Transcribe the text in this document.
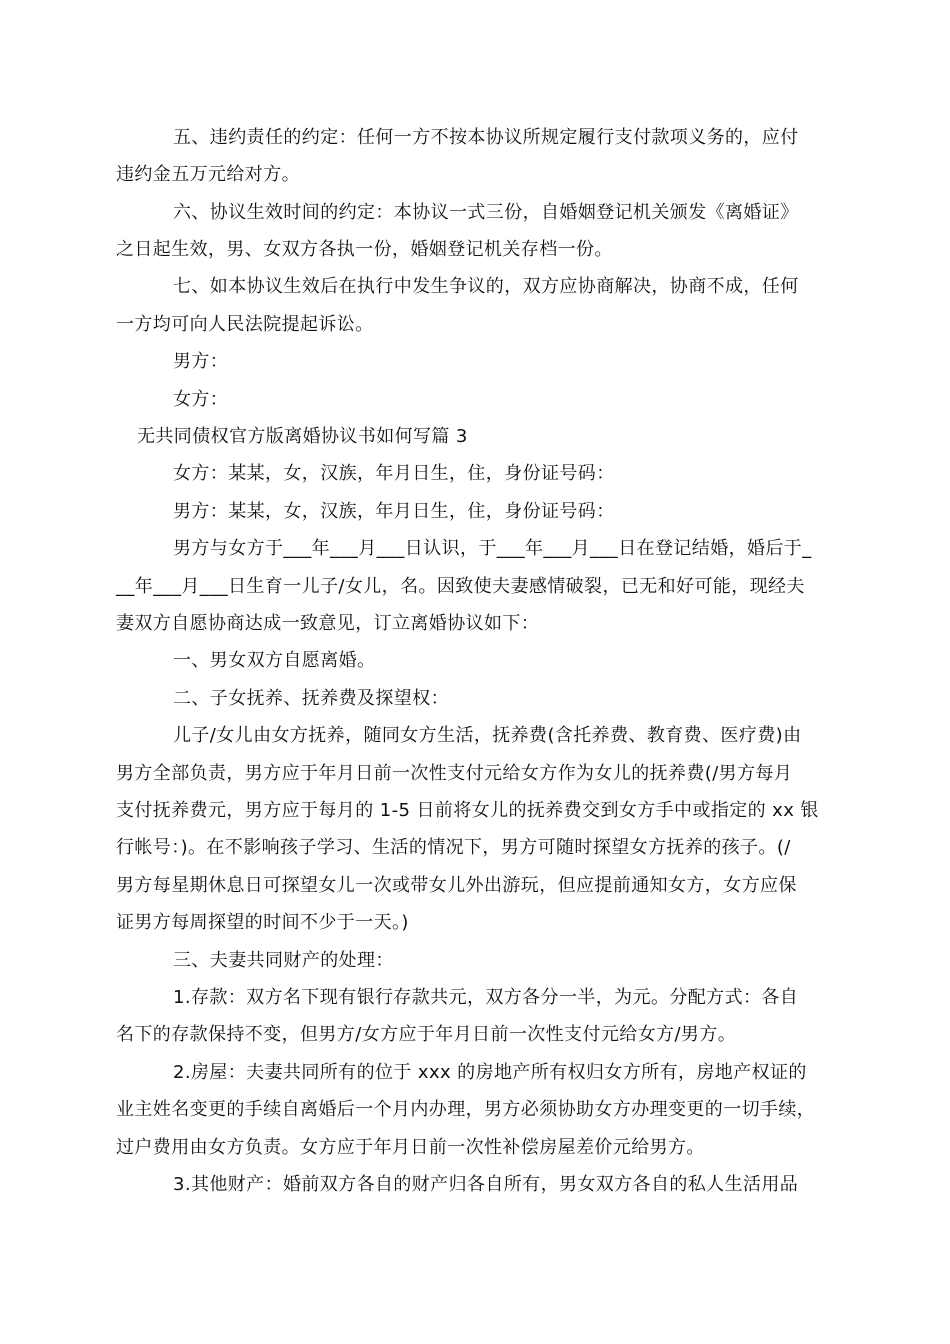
五、违约责任的约定：任何一方不按本协议所规定履行支付款项义务的，应付
违约金五万元给对方。
六、协议生效时间的约定：本协议一式三份，自婚姻登记机关颁发《离婚证》
之日起生效，男、女双方各执一份，婚姻登记机关存档一份。
七、如本协议生效后在执行中发生争议的，双方应协商解决，协商不成，任何
一方均可向人民法院提起诉讼。
男方：
女方：
无共同债权官方版离婚协议书如何写篇 3
女方：某某，女，汉族，年月日生，住，身份证号码：
男方：某某，女，汉族，年月日生，住，身份证号码：
男方与女方于___年___月___日认识，于___年___月___日在登记结婚，婚后于_
__年___月___日生育一儿子/女儿，名。因致使夫妻感情破裂，已无和好可能，现经夫
妻双方自愿协商达成一致意见，订立离婚协议如下：
一、男女双方自愿离婚。
二、子女抚养、抚养费及探望权：
儿子/女儿由女方抚养，随同女方生活，抚养费(含托养费、教育费、医疗费)由
男方全部负责，男方应于年月日前一次性支付元给女方作为女儿的抚养费(/男方每月
支付抚养费元，男方应于每月的 1-5 日前将女儿的抚养费交到女方手中或指定的 xx 银
行帐号：)。在不影响孩子学习、生活的情况下，男方可随时探望女方抚养的孩子。(/
男方每星期休息日可探望女儿一次或带女儿外出游玩，但应提前通知女方，女方应保
证男方每周探望的时间不少于一天。)
三、夫妻共同财产的处理：
1.存款：双方名下现有银行存款共元，双方各分一半，为元。分配方式：各自
名下的存款保持不变，但男方/女方应于年月日前一次性支付元给女方/男方。
2.房屋：夫妻共同所有的位于 xxx 的房地产所有权归女方所有，房地产权证的
业主姓名变更的手续自离婚后一个月内办理，男方必须协助女方办理变更的一切手续，
过户费用由女方负责。女方应于年月日前一次性补偿房屋差价元给男方。
3.其他财产：婚前双方各自的财产归各自所有，男女双方各自的私人生活用品
